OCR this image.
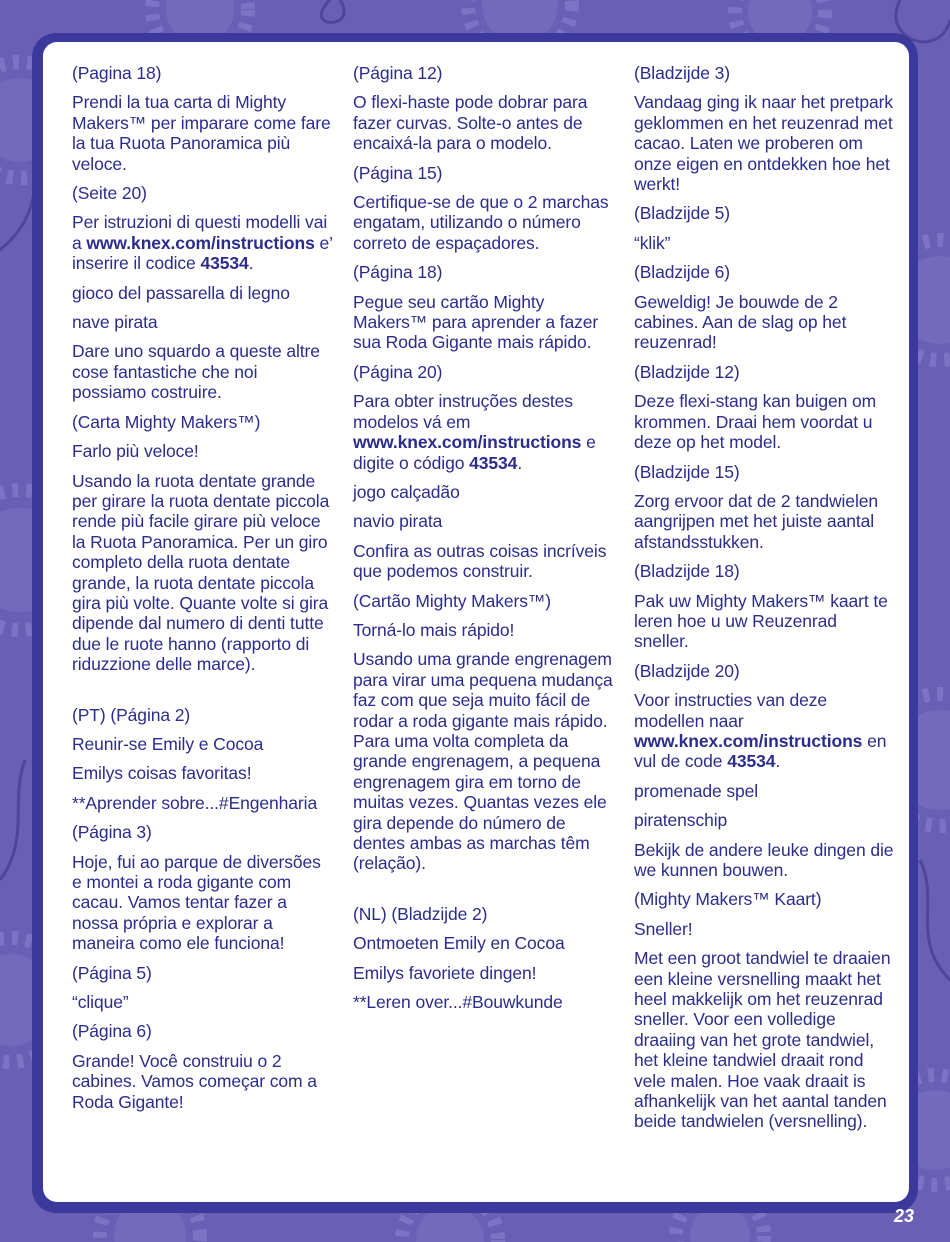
(Pagina 18)

Prendi la tua carta di Mighty Makers™ per imparare come fare la tua Ruota Panoramica più veloce.

(Seite 20)

Per istruzioni di questi modelli vai a www.knex.com/instructions e’ inserire il codice 43534.

gioco del passarella di legno

nave pirata

Dare uno squardo a queste altre cose fantastiche che noi possiamo costruire.

(Carta Mighty Makers™)

Farlo più veloce!

Usando la ruota dentate grande per girare la ruota dentate piccola rende più facile girare più veloce la Ruota Panoramica. Per un giro completo della ruota dentate grande, la ruota dentate piccola gira più volte. Quante volte si gira dipende dal numero di denti tutte due le ruote hanno (rapporto di riduzzione delle marce).

(PT) (Página 2)

Reunir-se Emily e Cocoa

Emilys coisas favoritas!

**Aprender sobre...#Engenharia

(Página 3)

Hoje, fui ao parque de diversões e montei a roda gigante com cacau. Vamos tentar fazer a nossa própria e explorar a maneira como ele funciona!

(Página 5)

“clique”

(Página 6)

Grande! Você construiu o 2 cabines. Vamos começar com a Roda Gigante!

(Página 12)

O flexi-haste pode dobrar para fazer curvas. Solte-o antes de encaixá-la para o modelo.

(Página 15)

Certifique-se de que o 2 marchas engatam, utilizando o número correto de espaçadores.

(Página 18)

Pegue seu cartão Mighty Makers™ para aprender a fazer sua Roda Gigante mais rápido.

(Página 20)

Para obter instruções destes modelos vá em www.knex.com/instructions e digite o código 43534.

jogo calçadão

navio pirata

Confira as outras coisas incríveis que podemos construir.

(Cartão Mighty Makers™)

Torná-lo mais rápido!

Usando uma grande engrenagem para virar uma pequena mudança faz com que seja muito fácil de rodar a roda gigante mais rápido. Para uma volta completa da grande engrenagem, a pequena engrenagem gira em torno de muitas vezes. Quantas vezes ele gira depende do número de dentes ambas as marchas têm (relação).

(NL) (Bladzijde 2)

Ontmoeten Emily en Cocoa

Emilys favoriete dingen!

**Leren over...#Bouwkunde

(Bladzijde 3)

Vandaag ging ik naar het pretpark geklommen en het reuzenrad met cacao. Laten we proberen om onze eigen en ontdekken hoe het werkt!

(Bladzijde 5)

“klik”

(Bladzijde 6)

Geweldig! Je bouwde de 2 cabines. Aan de slag op het reuzenrad!

(Bladzijde 12)

Deze flexi-stang kan buigen om krommen. Draai hem voordat u deze op het model.

(Bladzijde 15)

Zorg ervoor dat de 2 tandwielen aangrijpen met het juiste aantal afstandsstukken.

(Bladzijde 18)

Pak uw Mighty Makers™ kaart te leren hoe u uw Reuzenrad sneller.

(Bladzijde 20)

Voor instructies van deze modellen naar www.knex.com/instructions en vul de code 43534.

promenade spel

piratenschip

Bekijk de andere leuke dingen die we kunnen bouwen.

(Mighty Makers™ Kaart)

Sneller!

Met een groot tandwiel te draaien een kleine versnelling maakt het heel makkelijk om het reuzenrad sneller. Voor een volledige draaiing van het grote tandwiel, het kleine tandwiel draait rond vele malen. Hoe vaak draait is afhankelijk van het aantal tanden beide tandwielen (versnelling).

23
